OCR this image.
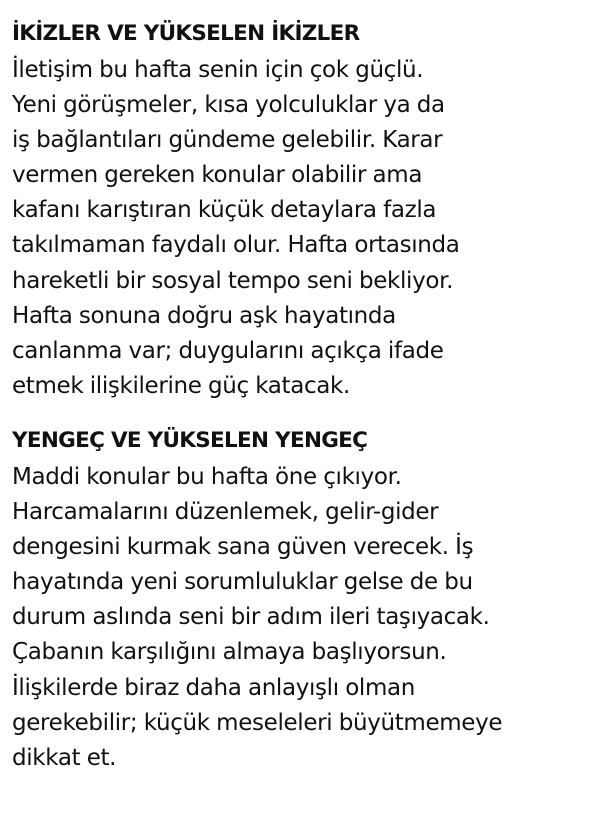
İKİZLER VE YÜKSELEN İKİZLER

İletişim bu hafta senin için çok güçlü.
Yeni görüşmeler, kısa yolculuklar ya da
iş bağlantıları gündeme gelebilir. Karar
vermen gereken konular olabilir ama
kafanı karıştıran küçük detaylara fazla
takılmaman faydalı olur. Hafta ortasında
hareketli bir sosyal tempo seni bekliyor.
Hafta sonuna doğru aşk hayatında
canlanma var; duygularını açıkça ifade
etmek ilişkilerine güç katacak.

YENGEÇ VE YÜKSELEN YENGEÇ

Maddi konular bu hafta öne çıkıyor.
Harcamalarını düzenlemek, gelir-gider
dengesini kurmak sana güven verecek. İş
hayatında yeni sorumluluklar gelse de bu
durum aslında seni bir adım ileri taşıyacak.
Çabanın karşılığını almaya başlıyorsun.
İlişkilerde biraz daha anlayışlı olman
gerekebilir; küçük meseleleri büyütmemeye
dikkat et.
